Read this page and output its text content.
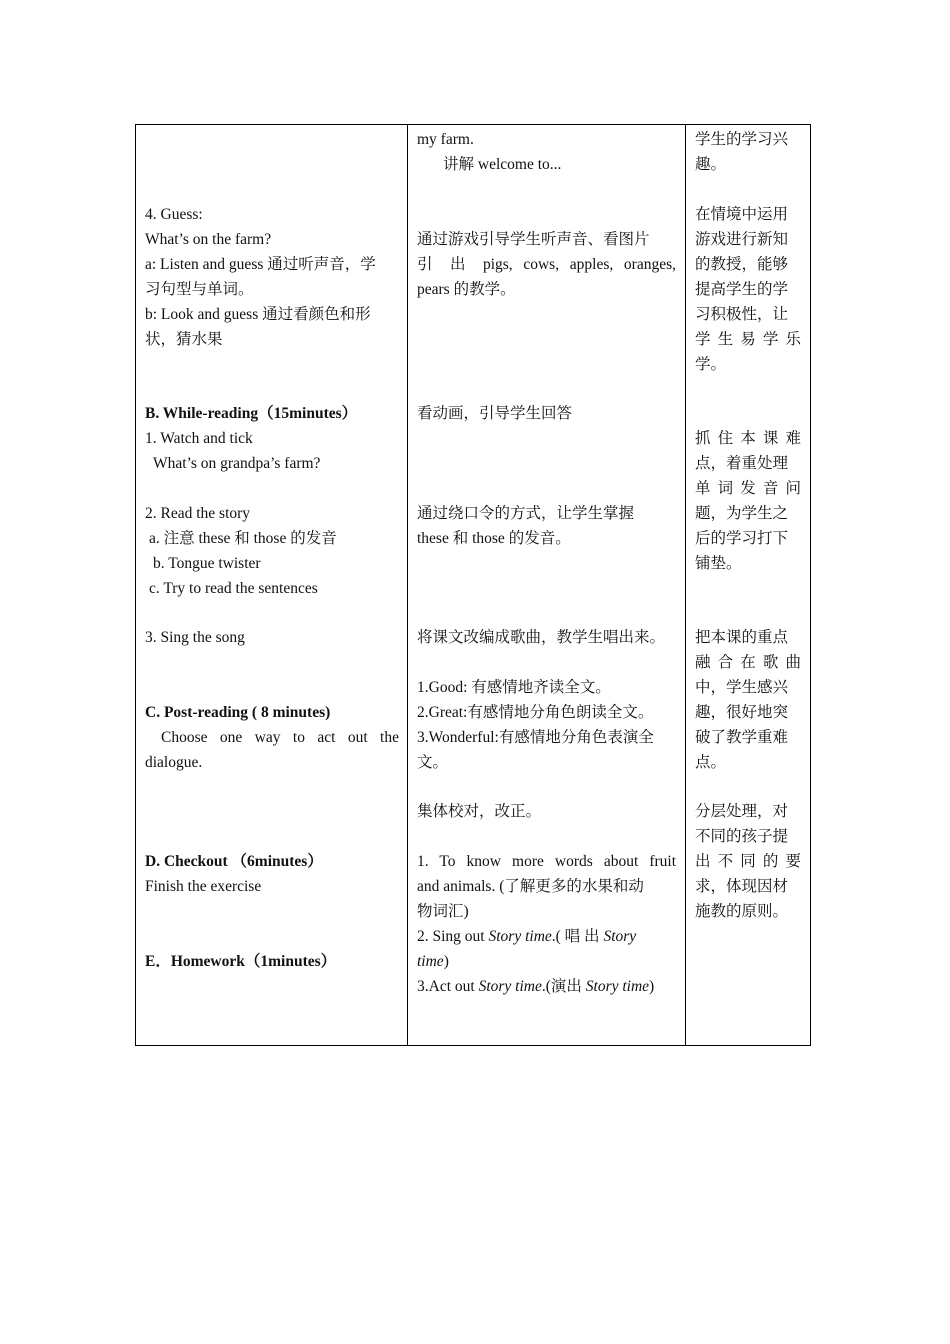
4. Guess:
What’s on the farm?
a: Listen and guess 通过听声音，学
习句型与单词。
b: Look and guess 通过看颜色和形
状，猜水果
B. While-reading（15minutes）
1. Watch and tick
What’s on grandpa’s farm?
2. Read the story
a. 注意 these 和 those 的发音
b. Tongue twister
c. Try to read the sentences
3. Sing the song
C. Post-reading ( 8 minutes)
Choose one way to act out the
dialogue.
D. Checkout （6minutes）
Finish the exercise
E．Homework（1minutes）
my farm.
讲解 welcome to...
通过游戏引导学生听声音、看图片
引 出 pigs, cows, apples, oranges,
pears 的教学。
看动画，引导学生回答
通过绕口令的方式，让学生掌握
these 和 those 的发音。
将课文改编成歌曲，教学生唱出来。
1.Good: 有感情地齐读全文。
2.Great:有感情地分角色朗读全文。
3.Wonderful:有感情地分角色表演全
文。
集体校对，改正。
1. To know more words about fruit
and animals. (了解更多的水果和动
物词汇)
2. Sing out Story time.( 唱 出 Story
time)
3.Act out Story time.(演出 Story time)
学生的学习兴
趣。
在情境中运用
游戏进行新知
的教授，能够
提高学生的学
习积极性，让
学 生 易 学 乐
学。
抓 住 本 课 难
点，着重处理
单 词 发 音 问
题，为学生之
后的学习打下
铺垫。
把本课的重点
融 合 在 歌 曲
中，学生感兴
趣，很好地突
破了教学重难
点。
分层处理，对
不同的孩子提
出 不 同 的 要
求，体现因材
施教的原则。
